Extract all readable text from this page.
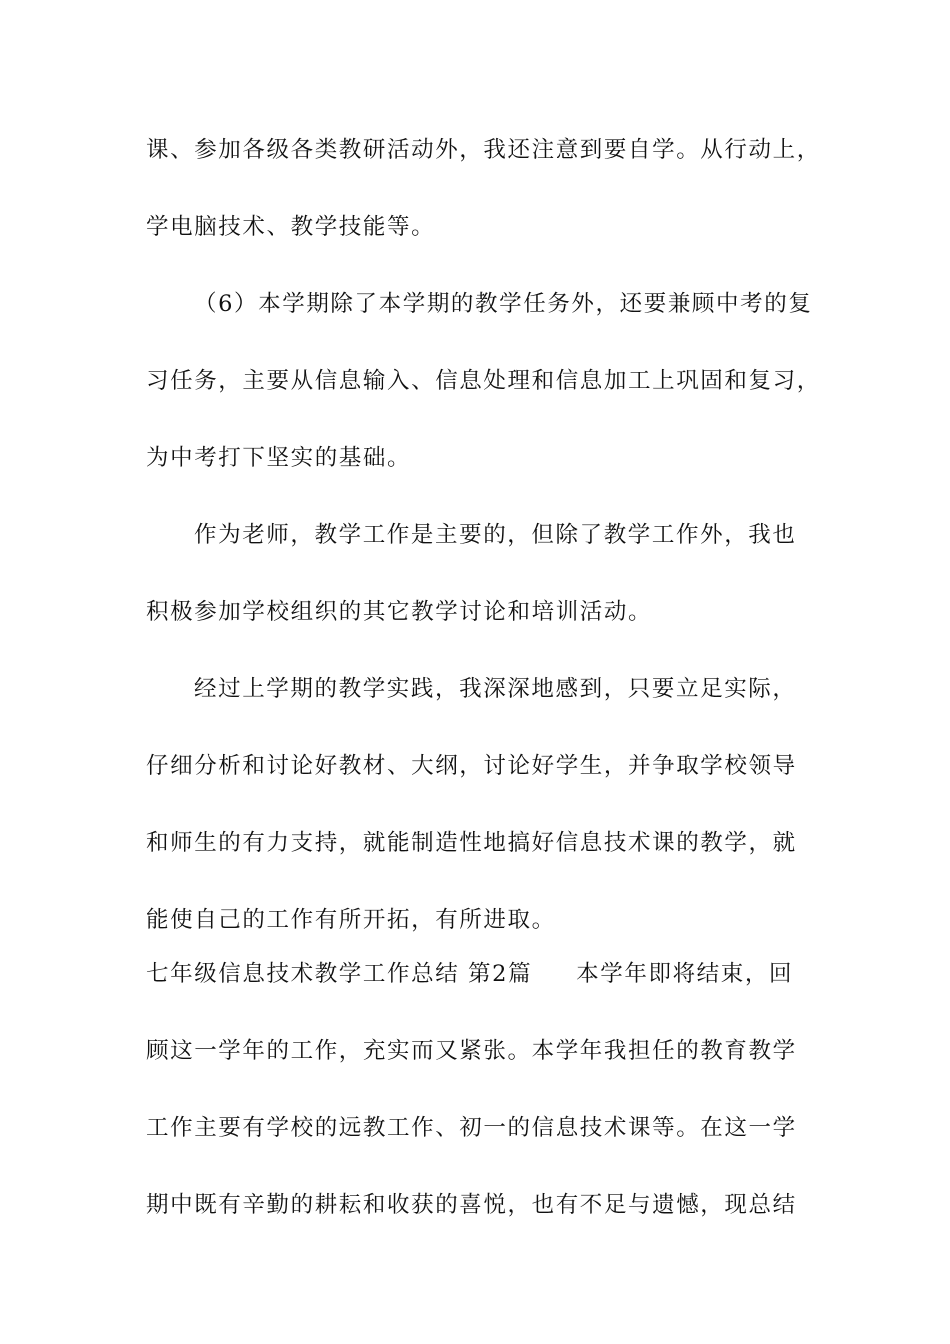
课、参加各级各类教研活动外，我还注意到要自学。从行动上，
学电脑技术、教学技能等。
（6）本学期除了本学期的教学任务外，还要兼顾中考的复
习任务，主要从信息输入、信息处理和信息加工上巩固和复习，
为中考打下坚实的基础。
作为老师，教学工作是主要的，但除了教学工作外，我也
积极参加学校组织的其它教学讨论和培训活动。
经过上学期的教学实践，我深深地感到，只要立足实际，
仔细分析和讨论好教材、大纲，讨论好学生，并争取学校领导
和师生的有力支持，就能制造性地搞好信息技术课的教学，就
能使自己的工作有所开拓，有所进取。
七年级信息技术教学工作总结 第2篇 本学年即将结束，回
顾这一学年的工作，充实而又紧张。本学年我担任的教育教学
工作主要有学校的远教工作、初一的信息技术课等。在这一学
期中既有辛勤的耕耘和收获的喜悦，也有不足与遗憾，现总结
